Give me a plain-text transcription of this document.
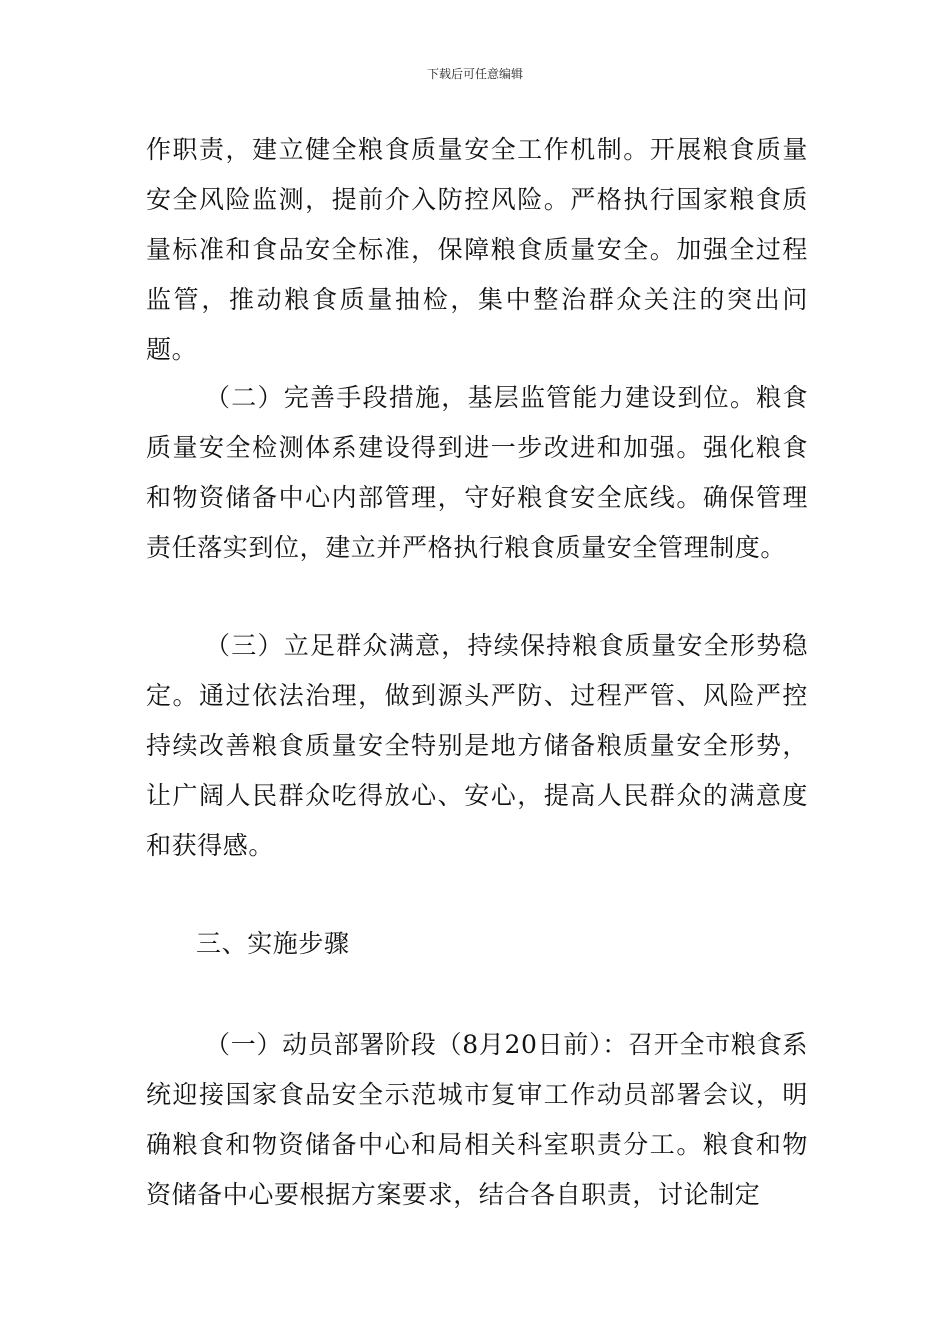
下载后可任意编辑

作职责，建立健全粮食质量安全工作机制。开展粮食质量安全风险监测，提前介入防控风险。严格执行国家粮食质量标准和食品安全标准，保障粮食质量安全。加强全过程监管，推动粮食质量抽检，集中整治群众关注的突出问题。

（二）完善手段措施，基层监管能力建设到位。粮食质量安全检测体系建设得到进一步改进和加强。强化粮食和物资储备中心内部管理，守好粮食安全底线。确保管理责任落实到位，建立并严格执行粮食质量安全管理制度。

（三）立足群众满意，持续保持粮食质量安全形势稳定。通过依法治理，做到源头严防、过程严管、风险严控持续改善粮食质量安全特别是地方储备粮质量安全形势，让广阔人民群众吃得放心、安心，提高人民群众的满意度和获得感。

三、实施步骤

（一）动员部署阶段（8月20日前）：召开全市粮食系统迎接国家食品安全示范城市复审工作动员部署会议，明确粮食和物资储备中心和局相关科室职责分工。粮食和物资储备中心要根据方案要求，结合各自职责，讨论制定
